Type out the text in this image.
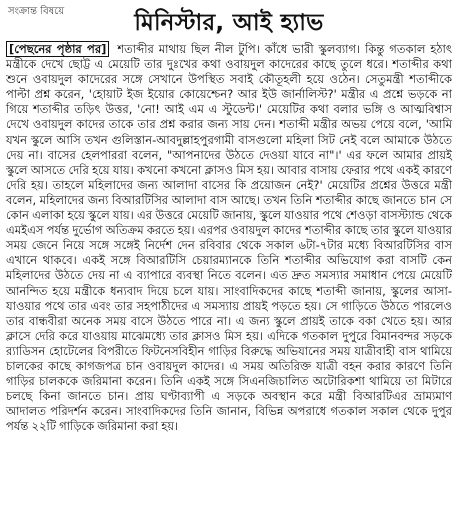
সংক্রান্ত বিষয়ে	মিনিস্টার, আই হ্যাভ

[পেছনের পৃষ্ঠার পর] শতাব্দীর মাথায় ছিল নীল টুপি। কাঁধে ভারী স্কুলব্যাগ। কিন্তু গতকাল হঠাৎ মন্ত্রীকে দেখে ছোট্ট এ মেয়েটি তার দুঃখের কথা ওবায়দুল কাদেরের কাছে তুলে ধরে। শতাব্দীর কথা শুনে ওবায়দুল কাদেরের সঙ্গে সেখানে উপস্থিত সবাই কৌতূহলী হয়ে ওঠেন। সেতুমন্ত্রী শতাব্দীকে পাল্টা প্রশ্ন করেন, 'হোয়াট ইজ ইয়োর কোয়েশ্চেন? আর ইউ জার্নালিস্ট?' মন্ত্রীর এ প্রশ্নে ভড়কে না গিয়ে শতাব্দীর তড়িৎ উত্তর, 'নো! আই এম এ স্টুডেন্ট।' মেয়েটির কথা বলার ভঙ্গি ও আত্মবিশ্বাস দেখে ওবায়দুল কাদের তাকে তার প্রশ্ন করার জন্য সায় দেন। শতাব্দী মন্ত্রীর অভয় পেয়ে বলে, 'আমি যখন স্কুলে আসি তখন গুলিস্তান-আবদুল্লাহপুরগামী বাসগুলো মহিলা সিট নেই বলে আমাকে উঠতে দেয় না। বাসের হেলপাররা বলেন, "আপনাদের উঠতে দেওয়া যাবে না"।' এর ফলে আমার প্রায়ই স্কুলে আসতে দেরি হয়ে যায়। কখনো কখনো ক্লাসও মিস হয়। আবার বাসায় ফেরার পথে একই কারণে দেরি হয়। তাহলে মহিলাদের জন্য আলাদা বাসের কি প্রয়োজন নেই?' মেয়েটির প্রশ্নের উত্তরে মন্ত্রী বলেন, মহিলাদের জন্য বিআরটিসির আলাদা বাস আছে। তখন তিনি শতাব্দীর কাছে জানতে চান সে কোন এলাকা হয়ে স্কুলে যায়। এর উত্তরে মেয়েটি জানায়, স্কুলে যাওয়ার পথে শেওড়া বাসস্ট্যান্ড থেকে এমইএস পর্যন্ত দুর্ভোগ অতিক্রম করতে হয়। এরপর ওবায়দুল কাদের শতাব্দীর কাছে তার স্কুলে যাওয়ার সময় জেনে নিয়ে সঙ্গে সঙ্গেই নির্দেশ দেন রবিবার থেকে সকাল ৬টা-৭টার মধ্যে বিআরটিসির বাস এখানে থাকবে। একই সঙ্গে বিআরটিসি চেয়ারম্যানকে তিনি শতাব্দীর অভিযোগ করা বাসটি কেন মহিলাদের উঠতে দেয় না এ ব্যাপারে ব্যবস্থা নিতে বলেন। এত দ্রুত সমস্যার সমাধান পেয়ে মেয়েটি আনন্দিত হয়ে মন্ত্রীকে ধন্যবাদ দিয়ে চলে যায়। সাংবাদিকদের কাছে শতাব্দী জানায়, স্কুলের আসা-যাওয়ার পথে তার এবং তার সহপাঠীদের এ সমস্যায় প্রায়ই পড়তে হয়। সে গাড়িতে উঠতে পারলেও তার বান্ধবীরা অনেক সময় বাসে উঠতে পারে না। এ জন্য স্কুলে প্রায়ই তাকে বকা খেতে হয়। আর ক্লাসে দেরি করে যাওয়ায় মাঝেমধ্যে তার ক্লাসও মিস হয়। এদিকে গতকাল দুপুরে বিমানবন্দর সড়কে র‌্যাডিসন হোটেলের বিপরীতে ফিটনেসবিহীন গাড়ির বিরুদ্ধে অভিযানের সময় যাত্রীবাহী বাস থামিয়ে চালকের কাছে কাগজপত্র চান ওবায়দুল কাদের। এ সময় অতিরিক্ত যাত্রী বহন করার কারণে তিনি গাড়ির চালককে জরিমানা করেন। তিনি একই সঙ্গে সিএনজিচালিত অটোরিকশা থামিয়ে তা মিটারে চলছে কিনা জানতে চান। প্রায় ঘণ্টাব্যাপী এ সড়কে অবস্থান করে মন্ত্রী বিআরটিএর ভ্রাম্যমাণ আদালত পরিদর্শন করেন। সাংবাদিকদের তিনি জানান, বিভিন্ন অপরাধে গতকাল সকাল থেকে দুপুর পর্যন্ত ২২টি গাড়িকে জরিমানা করা হয়।
